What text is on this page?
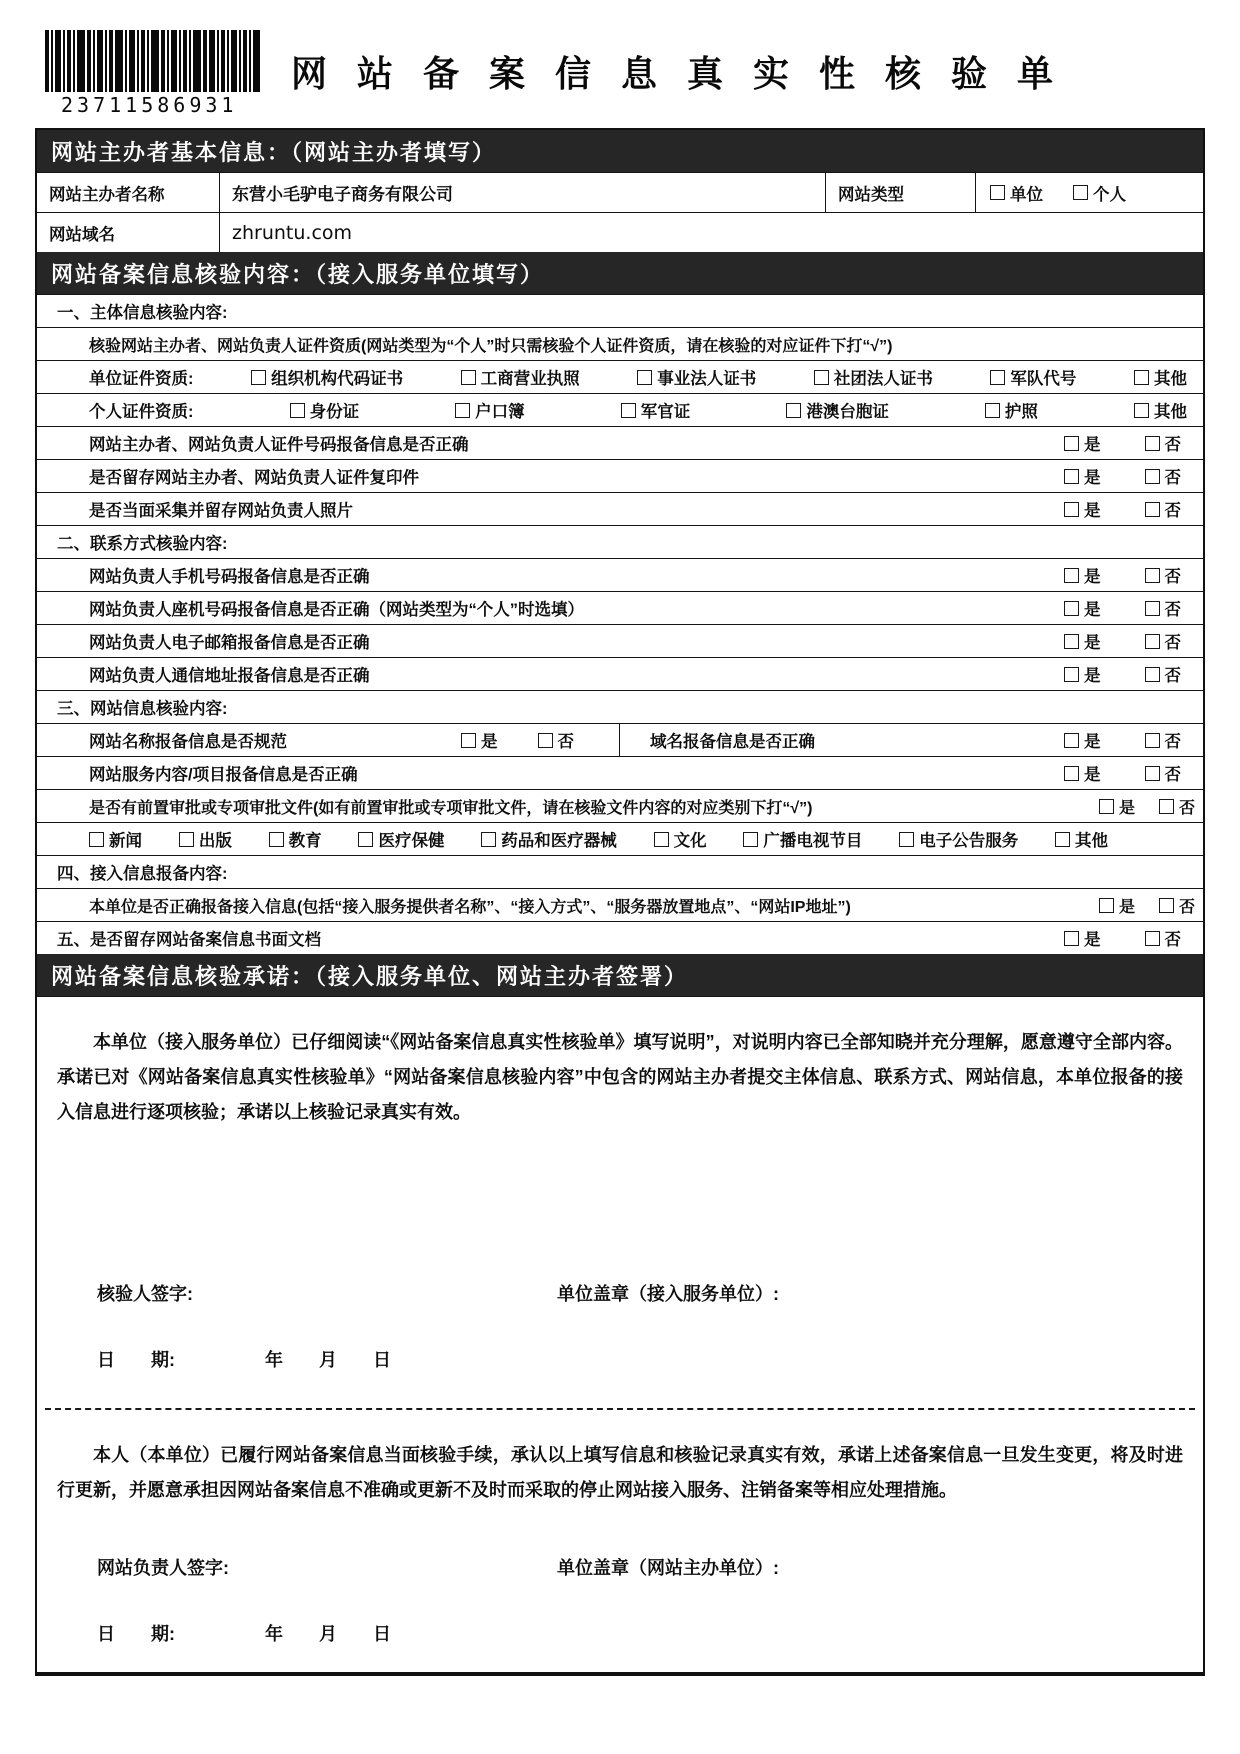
23711586931
网 站 备 案 信 息 真 实 性 核 验 单
网站主办者基本信息：（网站主办者填写）
网站主办者名称	东营小毛驴电子商务有限公司	网站类型	单位	个人
网站域名	zhruntu.com
网站备案信息核验内容：（接入服务单位填写）
一、主体信息核验内容:
核验网站主办者、网站负责人证件资质(网站类型为“个人”时只需核验个人证件资质，请在核验的对应证件下打“√”)
单位证件资质:	组织机构代码证书	工商营业执照	事业法人证书	社团法人证书	军队代号	其他
个人证件资质:	身份证	户口簿	军官证	港澳台胞证	护照	其他
网站主办者、网站负责人证件号码报备信息是否正确	是	否
是否留存网站主办者、网站负责人证件复印件	是	否
是否当面采集并留存网站负责人照片	是	否
二、联系方式核验内容:
网站负责人手机号码报备信息是否正确	是	否
网站负责人座机号码报备信息是否正确（网站类型为“个人”时选填）	是	否
网站负责人电子邮箱报备信息是否正确	是	否
网站负责人通信地址报备信息是否正确	是	否
三、网站信息核验内容:
网站名称报备信息是否规范	是	否	域名报备信息是否正确	是	否
网站服务内容/项目报备信息是否正确	是	否
是否有前置审批或专项审批文件(如有前置审批或专项审批文件，请在核验文件内容的对应类别下打“√”)	是	否
新闻	出版	教育	医疗保健	药品和医疗器械	文化	广播电视节目	电子公告服务	其他
四、接入信息报备内容:
本单位是否正确报备接入信息(包括“接入服务提供者名称”、“接入方式”、“服务器放置地点”、“网站IP地址”)	是	否
五、是否留存网站备案信息书面文档	是	否
网站备案信息核验承诺：（接入服务单位、网站主办者签署）

本单位（接入服务单位）已仔细阅读“《网站备案信息真实性核验单》填写说明”，对说明内容已全部知晓并充分理解，愿意遵守全部内容。承诺已对《网站备案信息真实性核验单》“网站备案信息核验内容”中包含的网站主办者提交主体信息、联系方式、网站信息，本单位报备的接入信息进行逐项核验；承诺以上核验记录真实有效。

核验人签字:	单位盖章（接入服务单位）:
日　　期:　　　　　年　　月　　日

本人（本单位）已履行网站备案信息当面核验手续，承认以上填写信息和核验记录真实有效，承诺上述备案信息一旦发生变更，将及时进行更新，并愿意承担因网站备案信息不准确或更新不及时而采取的停止网站接入服务、注销备案等相应处理措施。

网站负责人签字:	单位盖章（网站主办单位）:
日　　期:　　　　　年　　月　　日
